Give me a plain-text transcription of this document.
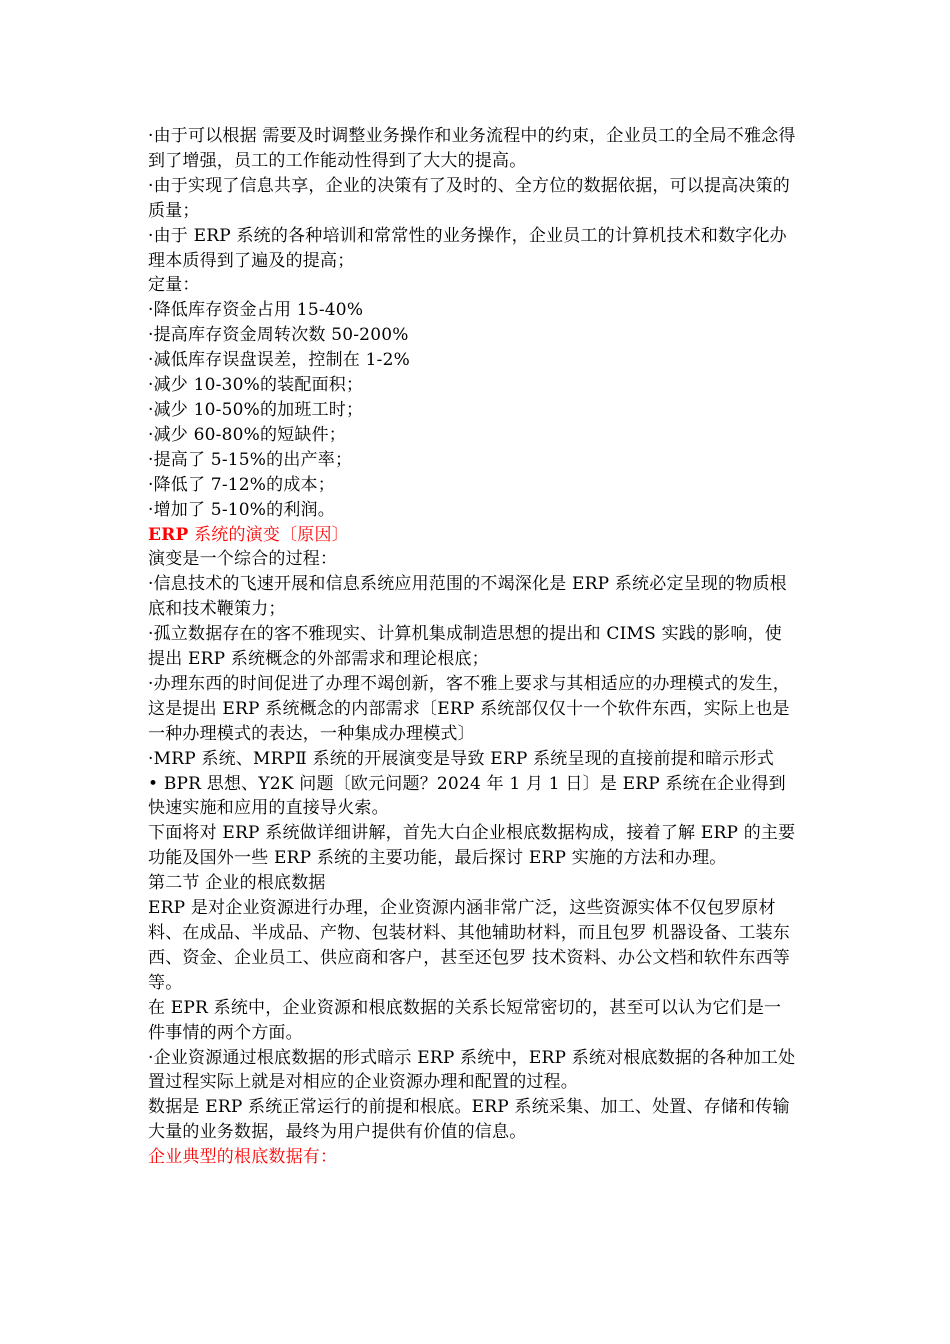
·由于可以根据 需要及时调整业务操作和业务流程中的约束，企业员工的全局不雅念得到了增强，员工的工作能动性得到了大大的提高。

·由于实现了信息共享，企业的决策有了及时的、全方位的数据依据，可以提高决策的质量；

·由于 ERP 系统的各种培训和常常性的业务操作，企业员工的计算机技术和数字化办理本质得到了遍及的提高；

定量：

·降低库存资金占用 15-40%

·提高库存资金周转次数 50-200%

·减低库存误盘误差，控制在 1-2%

·减少 10-30%的装配面积；

·减少 10-50%的加班工时；

·减少 60-80%的短缺件；

·提高了 5-15%的出产率；

·降低了 7-12%的成本；

·增加了 5-10%的利润。

ERP 系统的演变〔原因〕

演变是一个综合的过程：

·信息技术的飞速开展和信息系统应用范围的不竭深化是 ERP 系统必定呈现的物质根底和技术鞭策力；

·孤立数据存在的客不雅现实、计算机集成制造思想的提出和 CIMS 实践的影响，使提出 ERP 系统概念的外部需求和理论根底；

·办理东西的时间促进了办理不竭创新，客不雅上要求与其相适应的办理模式的发生，这是提出 ERP 系统概念的内部需求〔ERP 系统部仅仅十一个软件东西，实际上也是一种办理模式的表达，一种集成办理模式〕

·MRP 系统、MRPⅡ 系统的开展演变是导致 ERP 系统呈现的直接前提和暗示形式

• BPR 思想、Y2K 问题〔欧元问题？2024 年 1 月 1 日〕是 ERP 系统在企业得到快速实施和应用的直接导火索。

下面将对 ERP 系统做详细讲解，首先大白企业根底数据构成，接着了解 ERP 的主要功能及国外一些 ERP 系统的主要功能，最后探讨 ERP 实施的方法和办理。

第二节 企业的根底数据

ERP 是对企业资源进行办理，企业资源内涵非常广泛，这些资源实体不仅包罗原材料、在成品、半成品、产物、包装材料、其他辅助材料，而且包罗 机器设备、工装东西、资金、企业员工、供应商和客户，甚至还包罗 技术资料、办公文档和软件东西等等。

在 EPR 系统中，企业资源和根底数据的关系长短常密切的，甚至可以认为它们是一件事情的两个方面。

·企业资源通过根底数据的形式暗示 ERP 系统中，ERP 系统对根底数据的各种加工处置过程实际上就是对相应的企业资源办理和配置的过程。

数据是 ERP 系统正常运行的前提和根底。ERP 系统采集、加工、处置、存储和传输大量的业务数据，最终为用户提供有价值的信息。

企业典型的根底数据有：
